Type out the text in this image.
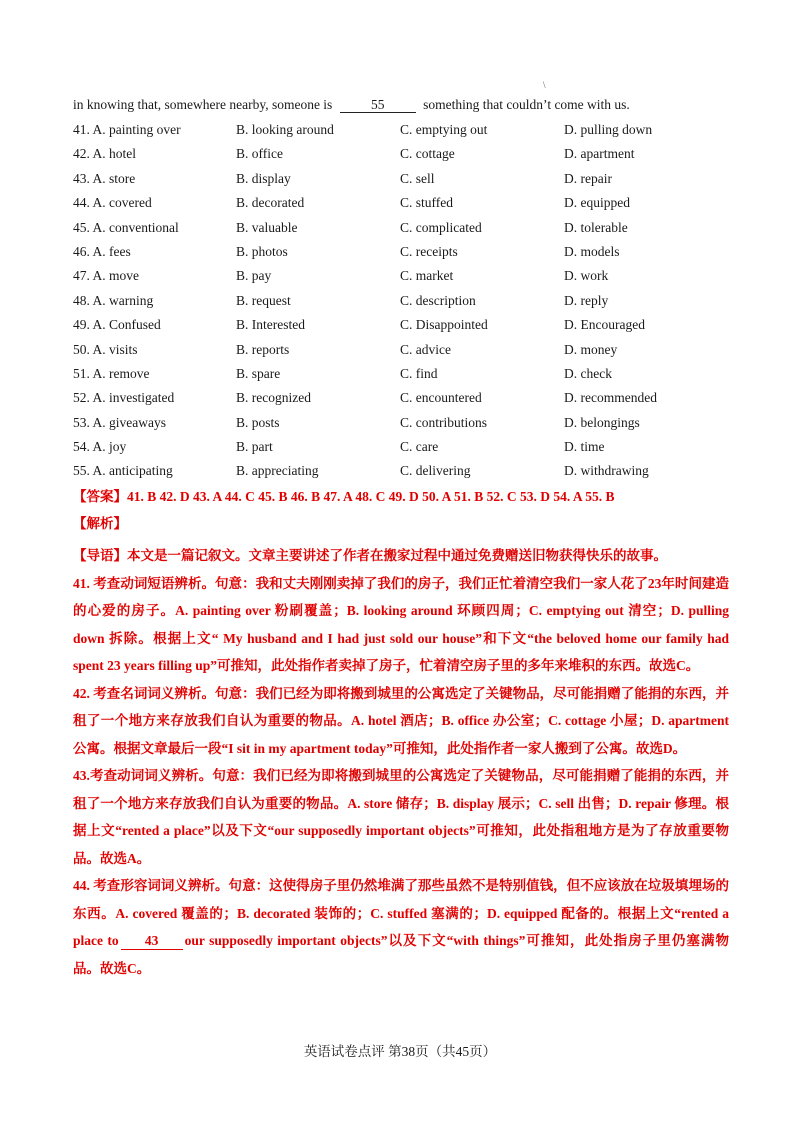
\
in knowing that, somewhere nearby, someone is	55	something that couldn’t come with us.
41. A. painting over	B. looking around	C. emptying out	D. pulling down
42. A. hotel	B. office	C. cottage	D. apartment
43. A. store	B. display	C. sell	D. repair
44. A. covered	B. decorated	C. stuffed	D. equipped
45. A. conventional	B. valuable	C. complicated	D. tolerable
46. A. fees	B. photos	C. receipts	D. models
47. A. move	B. pay	C. market	D. work
48. A. warning	B. request	C. description	D. reply
49. A. Confused	B. Interested	C. Disappointed	D. Encouraged
50. A. visits	B. reports	C. advice	D. money
51. A. remove	B. spare	C. find	D. check
52. A. investigated	B. recognized	C. encountered	D. recommended
53. A. giveaways	B. posts	C. contributions	D. belongings
54. A. joy	B. part	C. care	D. time
55. A. anticipating	B. appreciating	C. delivering	D. withdrawing
【答案】41. B 42. D 43. A 44. C 45. B 46. B 47. A 48. C 49. D 50. A 51. B 52. C 53. D 54. A 55. B
【解析】
【导语】本文是一篇记叙文。文章主要讲述了作者在搬家过程中通过免费赠送旧物获得快乐的故事。
41. 考查动词短语辨析。句意：我和丈夫刚刚卖掉了我们的房子，我们正忙着清空我们一家人花了23年时间建造的心爱的房子。A. painting over 粉刷覆盖；B. looking around 环顾四周；C. emptying out 清空；D. pulling down 拆除。根据上文“ My husband and I had just sold our house”和下文“the beloved home our family had spent 23 years filling up”可推知，此处指作者卖掉了房子，忙着清空房子里的多年来堆积的东西。故选C。
42. 考查名词词义辨析。句意：我们已经为即将搬到城里的公寓选定了关键物品，尽可能捐赠了能捐的东西，并租了一个地方来存放我们自认为重要的物品。A. hotel 酒店；B. office 办公室；C. cottage 小屋；D. apartment 公寓。根据文章最后一段“I sit in my apartment today”可推知，此处指作者一家人搬到了公寓。故选D。
43.考查动词词义辨析。句意：我们已经为即将搬到城里的公寓选定了关键物品，尽可能捐赠了能捐的东西，并租了一个地方来存放我们自认为重要的物品。A. store 储存；B. display 展示；C. sell 出售；D. repair 修理。根据上文“rented a place”以及下文“our supposedly important objects”可推知，此处指租地方是为了存放重要物品。故选A。
44. 考查形容词词义辨析。句意：这使得房子里仍然堆满了那些虽然不是特别值钱，但不应该放在垃圾填埋场的东西。A. covered 覆盖的；B. decorated 装饰的；C. stuffed 塞满的；D. equipped 配备的。根据上文“rented a place to 43 our supposedly important objects”以及下文“with things”可推知，此处指房子里仍塞满物品。故选C。
英语试卷点评 第38页（共45页）
